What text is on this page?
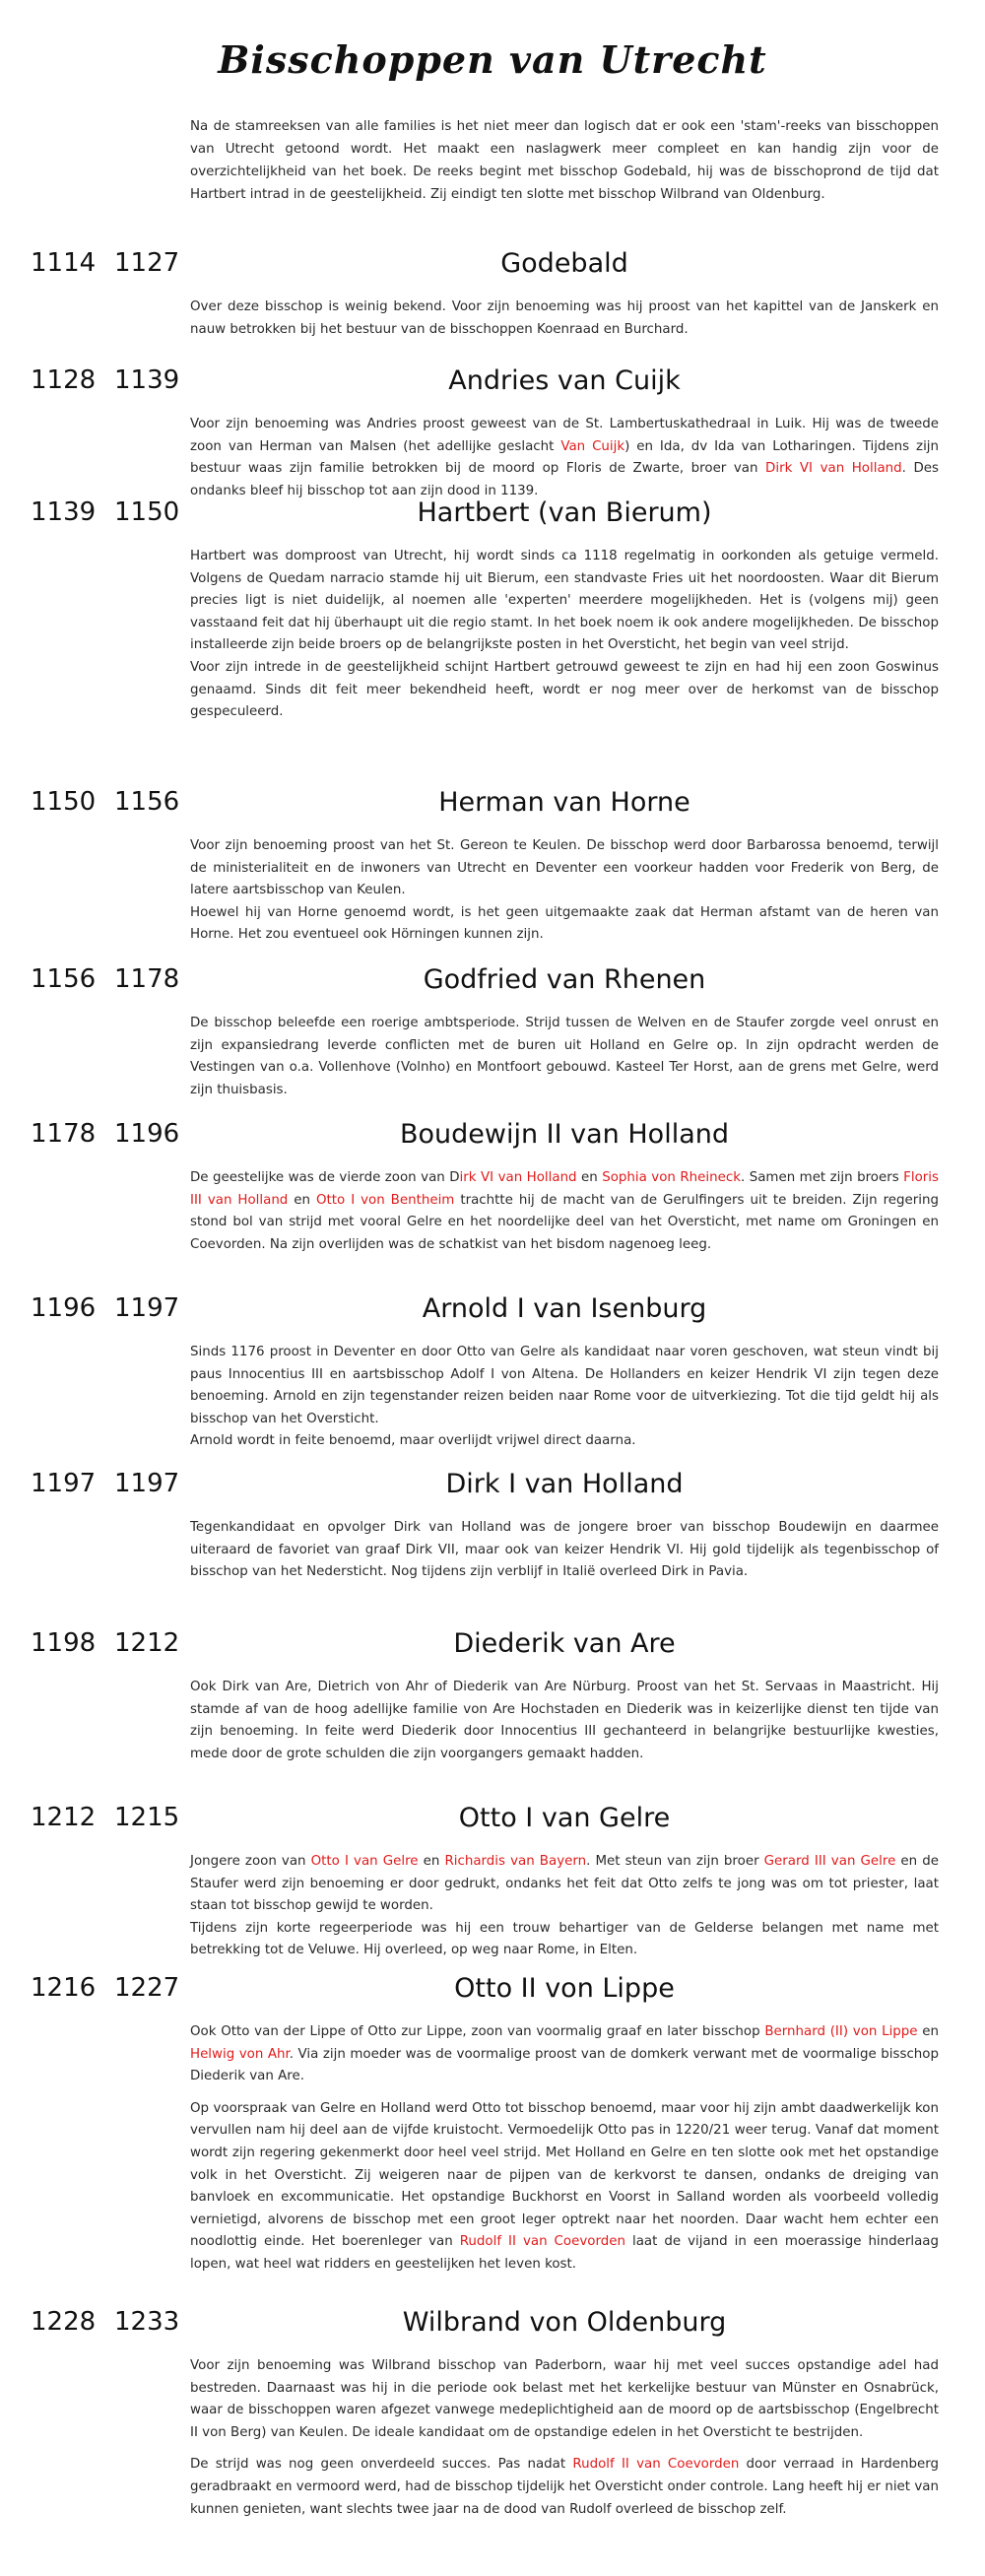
Bisschoppen van Utrecht
Na de stamreeksen van alle families is het niet meer dan logisch dat er ook een 'stam'-reeks van bisschoppen van Utrecht getoond wordt. Het maakt een naslagwerk meer compleet en kan handig zijn voor de overzichtelijkheid van het boek. De reeks begint met bisschop Godebald, hij was de bisschoprond de tijd dat Hartbert intrad in de geestelijkheid. Zij eindigt ten slotte met bisschop Wilbrand van Oldenburg.
1114 1127	Godebald

Over deze bisschop is weinig bekend. Voor zijn benoeming was hij proost van het kapittel van de Janskerk en nauw betrokken bij het bestuur van de bisschoppen Koenraad en Burchard.

1128 1139	Andries van Cuijk

Voor zijn benoeming was Andries proost geweest van de St. Lambertuskathedraal in Luik. Hij was de tweede zoon van Herman van Malsen (het adellijke geslacht Van Cuijk) en Ida, dv Ida van Lotharingen. Tijdens zijn bestuur waas zijn familie betrokken bij de moord op Floris de Zwarte, broer van Dirk VI van Holland. Des ondanks bleef hij bisschop tot aan zijn dood in 1139.

1139 1150	Hartbert (van Bierum)

Hartbert was domproost van Utrecht, hij wordt sinds ca 1118 regelmatig in oorkonden als getuige vermeld. Volgens de Quedam narracio stamde hij uit Bierum, een standvaste Fries uit het noordoosten. Waar dit Bierum precies ligt is niet duidelijk, al noemen alle 'experten' meerdere mogelijkheden. Het is (volgens mij) geen vasstaand feit dat hij überhaupt uit die regio stamt. In het boek noem ik ook andere mogelijkheden. De bisschop installeerde zijn beide broers op de belangrijkste posten in het Oversticht, het begin van veel strijd.

Voor zijn intrede in de geestelijkheid schijnt Hartbert getrouwd geweest te zijn en had hij een zoon Goswinus genaamd. Sinds dit feit meer bekendheid heeft, wordt er nog meer over de herkomst van de bisschop gespeculeerd.

1150 1156	Herman van Horne

Voor zijn benoeming proost van het St. Gereon te Keulen. De bisschop werd door Barbarossa benoemd, terwijl de ministerialiteit en de inwoners van Utrecht en Deventer een voorkeur hadden voor Frederik von Berg, de latere aartsbisschop van Keulen.

Hoewel hij van Horne genoemd wordt, is het geen uitgemaakte zaak dat Herman afstamt van de heren van Horne. Het zou eventueel ook Hörningen kunnen zijn.

1156 1178	Godfried van Rhenen

De bisschop beleefde een roerige ambtsperiode. Strijd tussen de Welven en de Staufer zorgde veel onrust en zijn expansiedrang leverde conflicten met de buren uit Holland en Gelre op. In zijn opdracht werden de Vestingen van o.a. Vollenhove (Volnho) en Montfoort gebouwd. Kasteel Ter Horst, aan de grens met Gelre, werd zijn thuisbasis.

1178 1196	Boudewijn II van Holland

De geestelijke was de vierde zoon van Dirk VI van Holland en Sophia von Rheineck. Samen met zijn broers Floris III van Holland en Otto I von Bentheim trachtte hij de macht van de Gerulfingers uit te breiden. Zijn regering stond bol van strijd met vooral Gelre en het noordelijke deel van het Oversticht, met name om Groningen en Coevorden. Na zijn overlijden was de schatkist van het bisdom nagenoeg leeg.

1196 1197	Arnold I van Isenburg

Sinds 1176 proost in Deventer en door Otto van Gelre als kandidaat naar voren geschoven, wat steun vindt bij paus Innocentius III en aartsbisschop Adolf I von Altena. De Hollanders en keizer Hendrik VI zijn tegen deze benoeming. Arnold en zijn tegenstander reizen beiden naar Rome voor de uitverkiezing. Tot die tijd geldt hij als bisschop van het Oversticht.

Arnold wordt in feite benoemd, maar overlijdt vrijwel direct daarna.

1197 1197	Dirk I van Holland

Tegenkandidaat en opvolger Dirk van Holland was de jongere broer van bisschop Boudewijn en daarmee uiteraard de favoriet van graaf Dirk VII, maar ook van keizer Hendrik VI. Hij gold tijdelijk als tegenbisschop of bisschop van het Nedersticht. Nog tijdens zijn verblijf in Italië overleed Dirk in Pavia.

1198 1212	Diederik van Are

Ook Dirk van Are, Dietrich von Ahr of Diederik van Are Nürburg. Proost van het St. Servaas in Maastricht. Hij stamde af van de hoog adellijke familie von Are Hochstaden en Diederik was in keizerlijke dienst ten tijde van zijn benoeming. In feite werd Diederik door Innocentius III gechanteerd in belangrijke bestuurlijke kwesties, mede door de grote schulden die zijn voorgangers gemaakt hadden.

1212 1215	Otto I van Gelre

Jongere zoon van Otto I van Gelre en Richardis van Bayern. Met steun van zijn broer Gerard III van Gelre en de Staufer werd zijn benoeming er door gedrukt, ondanks het feit dat Otto zelfs te jong was om tot priester, laat staan tot bisschop gewijd te worden.

Tijdens zijn korte regeerperiode was hij een trouw behartiger van de Gelderse belangen met name met betrekking tot de Veluwe. Hij overleed, op weg naar Rome, in Elten.

1216 1227	Otto II von Lippe

Ook Otto van der Lippe of Otto zur Lippe, zoon van voormalig graaf en later bisschop Bernhard (II) von Lippe en Helwig von Ahr. Via zijn moeder was de voormalige proost van de domkerk verwant met de voormalige bisschop Diederik van Are.

Op voorspraak van Gelre en Holland werd Otto tot bisschop benoemd, maar voor hij zijn ambt daadwerkelijk kon vervullen nam hij deel aan de vijfde kruistocht. Vermoedelijk Otto pas in 1220/21 weer terug. Vanaf dat moment wordt zijn regering gekenmerkt door heel veel strijd. Met Holland en Gelre en ten slotte ook met het opstandige volk in het Oversticht. Zij weigeren naar de pijpen van de kerkvorst te dansen, ondanks de dreiging van banvloek en excommunicatie. Het opstandige Buckhorst en Voorst in Salland worden als voorbeeld volledig vernietigd, alvorens de bisschop met een groot leger optrekt naar het noorden. Daar wacht hem echter een noodlottig einde. Het boerenleger van Rudolf II van Coevorden laat de vijand in een moerassige hinderlaag lopen, wat heel wat ridders en geestelijken het leven kost.

1228 1233	Wilbrand von Oldenburg

Voor zijn benoeming was Wilbrand bisschop van Paderborn, waar hij met veel succes opstandige adel had bestreden. Daarnaast was hij in die periode ook belast met het kerkelijke bestuur van Münster en Osnabrück, waar de bisschoppen waren afgezet vanwege medeplichtigheid aan de moord op de aartsbisschop (Engelbrecht II von Berg) van Keulen. De ideale kandidaat om de opstandige edelen in het Oversticht te bestrijden.

De strijd was nog geen onverdeeld succes. Pas nadat Rudolf II van Coevorden door verraad in Hardenberg geradbraakt en vermoord werd, had de bisschop tijdelijk het Oversticht onder controle. Lang heeft hij er niet van kunnen genieten, want slechts twee jaar na de dood van Rudolf overleed de bisschop zelf.
